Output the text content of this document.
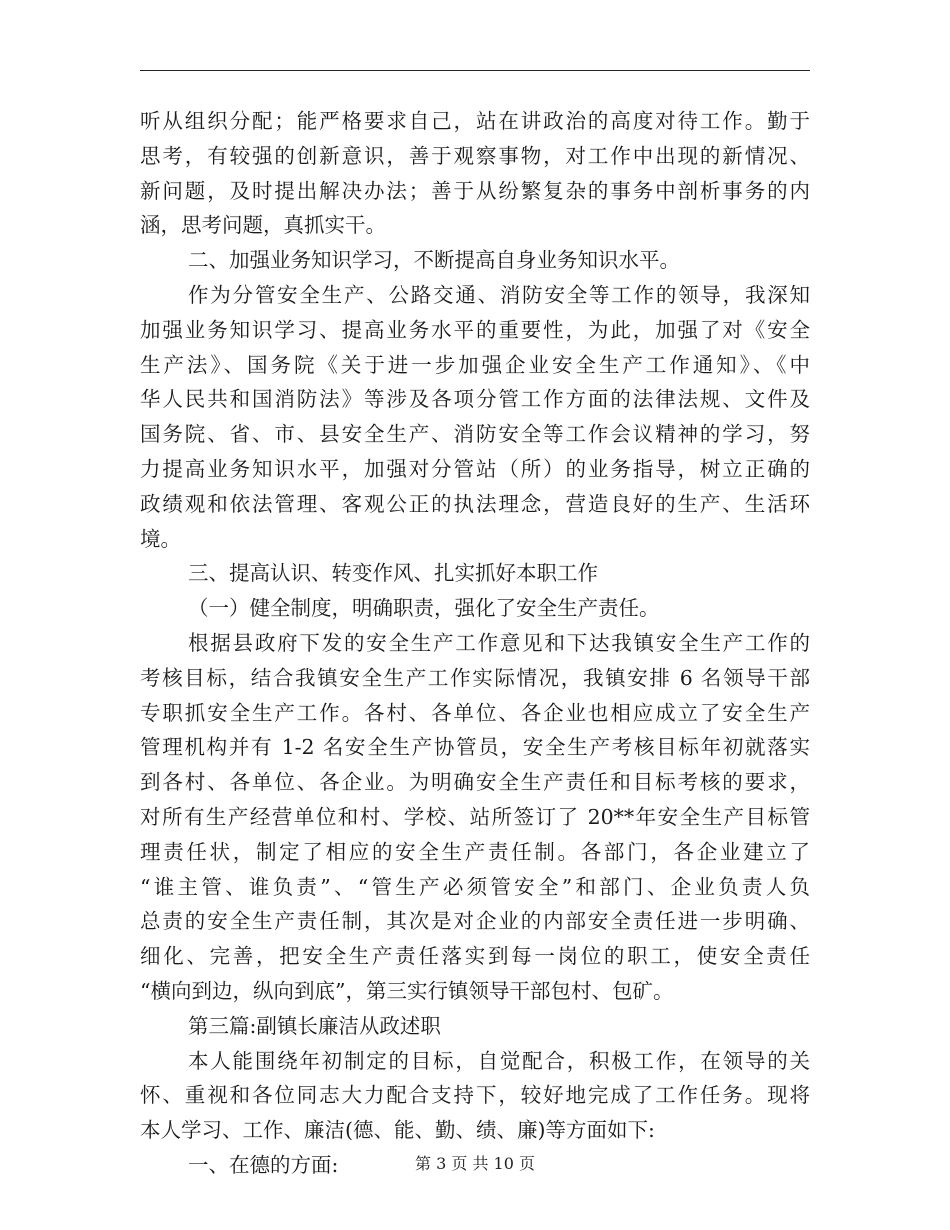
听从组织分配；能严格要求自己，站在讲政治的高度对待工作。勤于
思考，有较强的创新意识，善于观察事物，对工作中出现的新情况、
新问题，及时提出解决办法；善于从纷繁复杂的事务中剖析事务的内
涵，思考问题，真抓实干。
二、加强业务知识学习，不断提高自身业务知识水平。
作为分管安全生产、公路交通、消防安全等工作的领导，我深知
加强业务知识学习、提高业务水平的重要性，为此，加强了对《安全
生产法》、国务院《关于进一步加强企业安全生产工作通知》、《中
华人民共和国消防法》等涉及各项分管工作方面的法律法规、文件及
国务院、省、市、县安全生产、消防安全等工作会议精神的学习，努
力提高业务知识水平，加强对分管站（所）的业务指导，树立正确的
政绩观和依法管理、客观公正的执法理念，营造良好的生产、生活环
境。
三、提高认识、转变作风、扎实抓好本职工作
（一）健全制度，明确职责，强化了安全生产责任。
根据县政府下发的安全生产工作意见和下达我镇安全生产工作的
考核目标，结合我镇安全生产工作实际情况，我镇安排 6 名领导干部
专职抓安全生产工作。各村、各单位、各企业也相应成立了安全生产
管理机构并有 1-2 名安全生产协管员，安全生产考核目标年初就落实
到各村、各单位、各企业。为明确安全生产责任和目标考核的要求，
对所有生产经营单位和村、学校、站所签订了 20**年安全生产目标管
理责任状，制定了相应的安全生产责任制。各部门，各企业建立了
“谁主管、谁负责”、“管生产必须管安全”和部门、企业负责人负
总责的安全生产责任制，其次是对企业的内部安全责任进一步明确、
细化、完善，把安全生产责任落实到每一岗位的职工，使安全责任
“横向到边，纵向到底”，第三实行镇领导干部包村、包矿。
第三篇:副镇长廉洁从政述职
本人能围绕年初制定的目标，自觉配合，积极工作，在领导的关
怀、重视和各位同志大力配合支持下，较好地完成了工作任务。现将
本人学习、工作、廉洁(德、能、勤、绩、廉)等方面如下:
一、在德的方面:	第 3 页 共 10 页
